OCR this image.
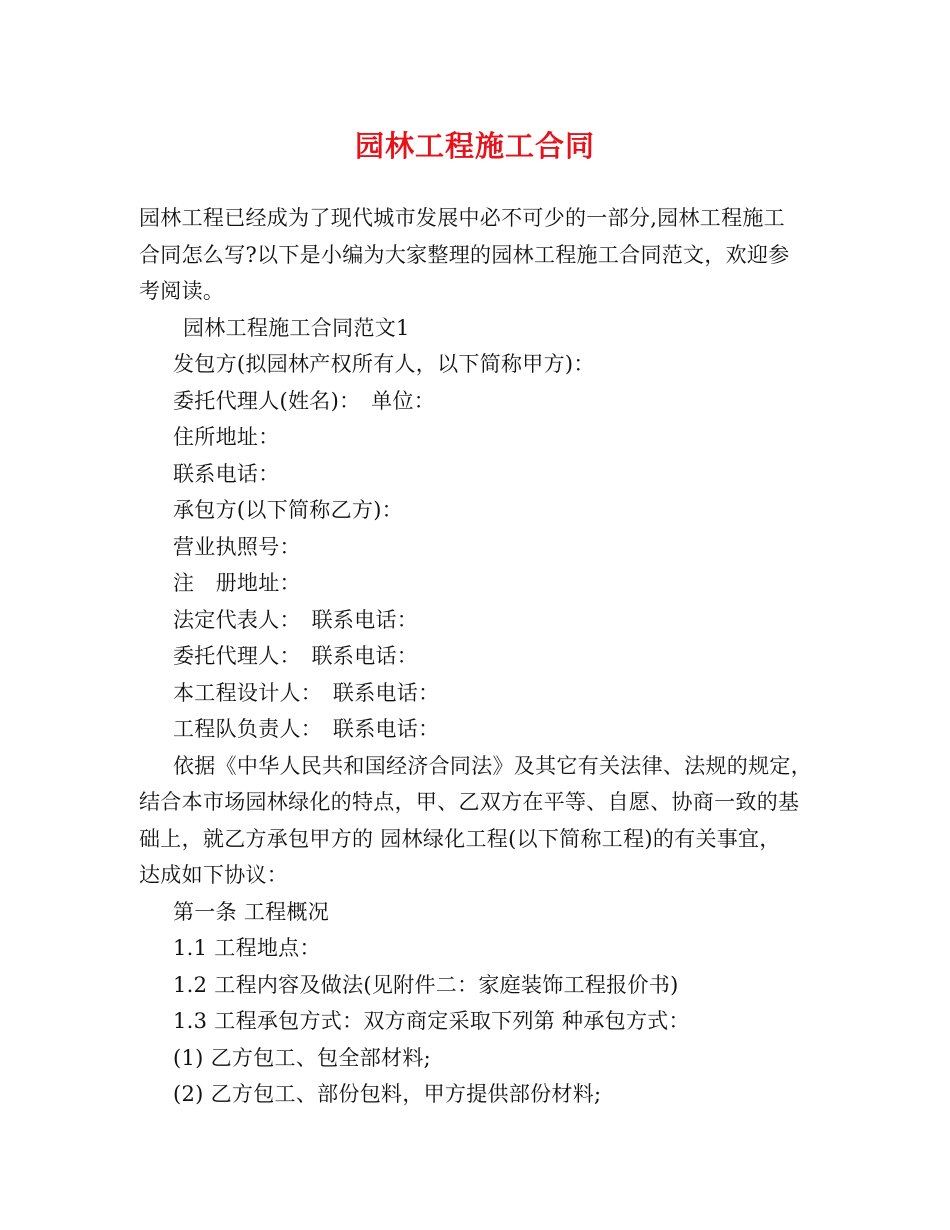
园林工程施工合同
园林工程已经成为了现代城市发展中必不可少的一部分,园林工程施工
合同怎么写?以下是小编为大家整理的园林工程施工合同范文，欢迎参
考阅读。
园林工程施工合同范文1
发包方(拟园林产权所有人，以下简称甲方)：
委托代理人(姓名)：　单位：
住所地址：
联系电话：
承包方(以下简称乙方)：
营业执照号：
注　册地址：
法定代表人：　联系电话：
委托代理人：　联系电话：
本工程设计人：　联系电话：
工程队负责人：　联系电话：
依据《中华人民共和国经济合同法》及其它有关法律、法规的规定，
结合本市场园林绿化的特点，甲、乙双方在平等、自愿、协商一致的基
础上，就乙方承包甲方的 园林绿化工程(以下简称工程)的有关事宜，
达成如下协议：
第一条 工程概况
1.1 工程地点：
1.2 工程内容及做法(见附件二：家庭装饰工程报价书)
1.3 工程承包方式：双方商定采取下列第 种承包方式：
(1) 乙方包工、包全部材料;
(2) 乙方包工、部份包料，甲方提供部份材料;
